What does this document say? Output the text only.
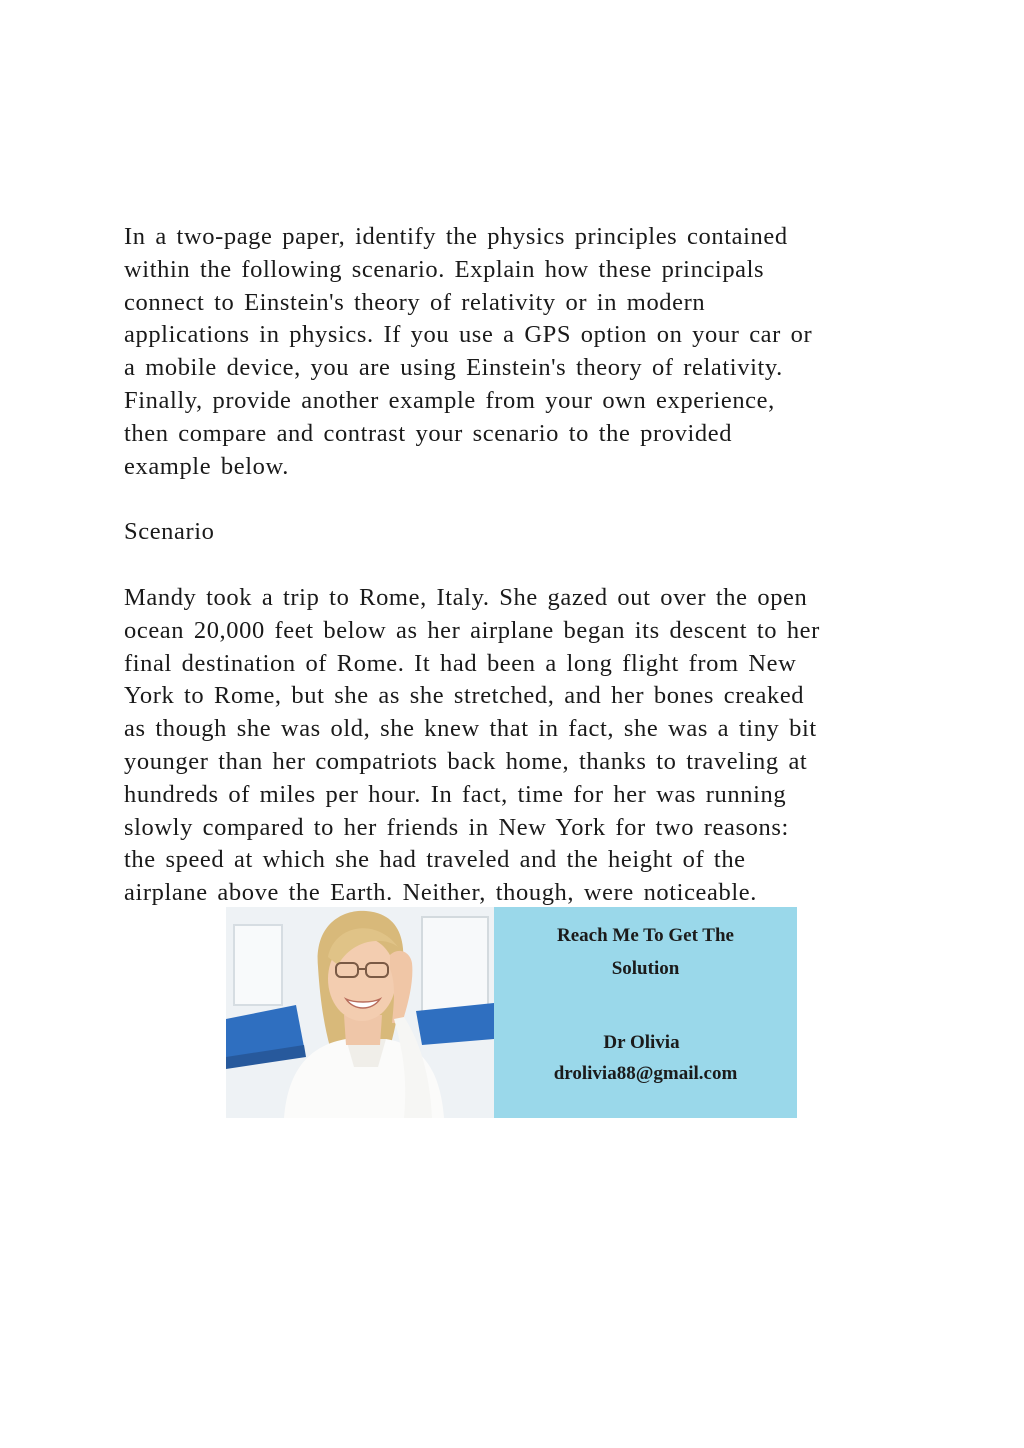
In a two-page paper, identify the physics principles contained
within the following scenario. Explain how these principals
connect to Einstein's theory of relativity or in modern
applications in physics. If you use a GPS option on your car or
a mobile device, you are using Einstein's theory of relativity.
Finally, provide another example from your own experience,
then compare and contrast your scenario to the provided
example below.

Scenario

Mandy took a trip to Rome, Italy. She gazed out over the open
ocean 20,000 feet below as her airplane began its descent to her
final destination of Rome. It had been a long flight from New
York to Rome, but she as she stretched, and her bones creaked
as though she was old, she knew that in fact, she was a tiny bit
younger than her compatriots back home, thanks to traveling at
hundreds of miles per hour. In fact, time for her was running
slowly compared to her friends in New York for two reasons:
the speed at which she had traveled and the height of the
airplane above the Earth. Neither, though, were noticeable.

Reach Me To Get The
Solution
Dr Olivia
drolivia88@gmail.com
